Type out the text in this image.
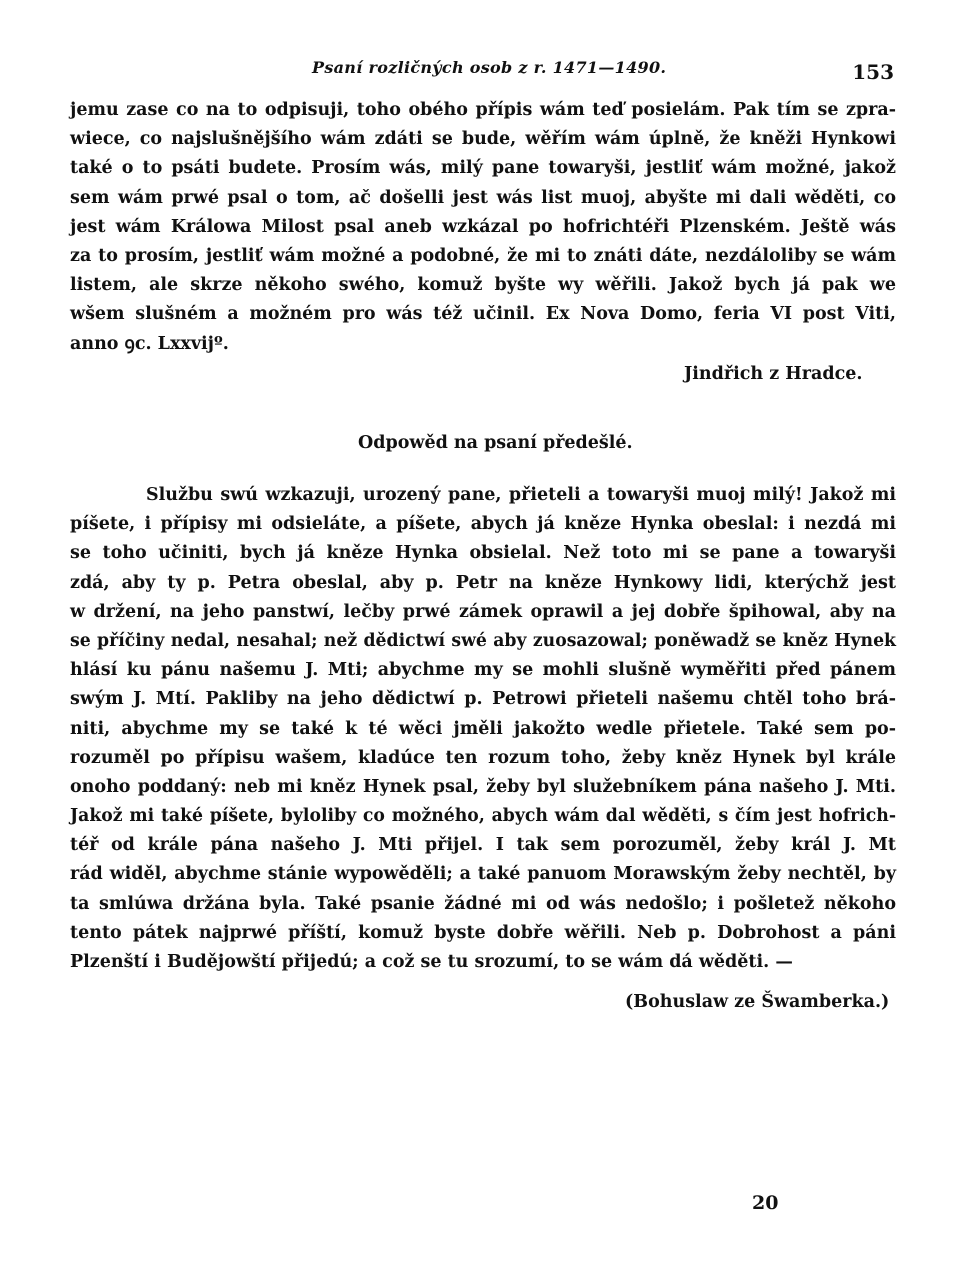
Psaní rozličných osob z r. 1471—1490.	153
jemu zase co na to odpisuji, toho obého přípis wám teď posielám. Pak tím se zpra-
wiece, co najslušnějšího wám zdáti se bude, wěřím wám úplně, že kněži Hynkowi
také o to psáti budete. Prosím wás, milý pane towaryši, jestliť wám možné, jakož
sem wám prwé psal o tom, ač došelli jest wás list muoj, abyšte mi dali wěděti, co
jest wám Králowa Milost psal aneb wzkázal po hofrichtéři Plzenském. Ještě wás
za to prosím, jestliť wám možné a podobné, že mi to znáti dáte, nezdáloliby se wám
listem, ale skrze někoho swého, komuž byšte wy wěřili. Jakož bych já pak we
wšem slušném a možném pro wás též učinil. Ex Nova Domo, feria VI post Viti,
anno ꝯc. Lxxvijº.
Jindřich z Hradce.
Odpowěd na psaní předešlé.
Službu swú wzkazuji, urozený pane, přieteli a towaryši muoj milý! Jakož mi
píšete, i přípisy mi odsieláte, a píšete, abych já kněze Hynka obeslal: i nezdá mi
se toho učiniti, bych já kněze Hynka obsielal. Než toto mi se pane a towaryši
zdá, aby ty p. Petra obeslal, aby p. Petr na kněze Hynkowy lidi, kterýchž jest
w držení, na jeho panstwí, lečby prwé zámek oprawil a jej dobře špihowal, aby na
se příčiny nedal, nesahal; než dědictwí swé aby zuosazowal; poněwadž se kněz Hynek
hlásí ku pánu našemu J. Mti; abychme my se mohli slušně wyměřiti před pánem
swým J. Mtí. Pakliby na jeho dědictwí p. Petrowi přieteli našemu chtěl toho brá-
niti, abychme my se také k té wěci jměli jakožto wedle přietele. Také sem po-
rozuměl po přípisu wašem, kladúce ten rozum toho, žeby kněz Hynek byl krále
onoho poddaný: neb mi kněz Hynek psal, žeby byl služebníkem pána našeho J. Mti.
Jakož mi také píšete, byloliby co možného, abych wám dal wěděti, s čím jest hofrich-
téř od krále pána našeho J. Mti přijel. I tak sem porozuměl, žeby král J. Mt
rád widěl, abychme stánie wypowěděli; a také panuom Morawským žeby nechtěl, by
ta smlúwa držána byla. Také psanie žádné mi od wás nedošlo; i pošletež někoho
tento pátek najprwé příští, komuž byste dobře wěřili. Neb p. Dobrohost a páni
Plzenští i Budějowští přijedú; a což se tu srozumí, to se wám dá wěděti. —
(Bohuslaw ze Šwamberka.)
20
